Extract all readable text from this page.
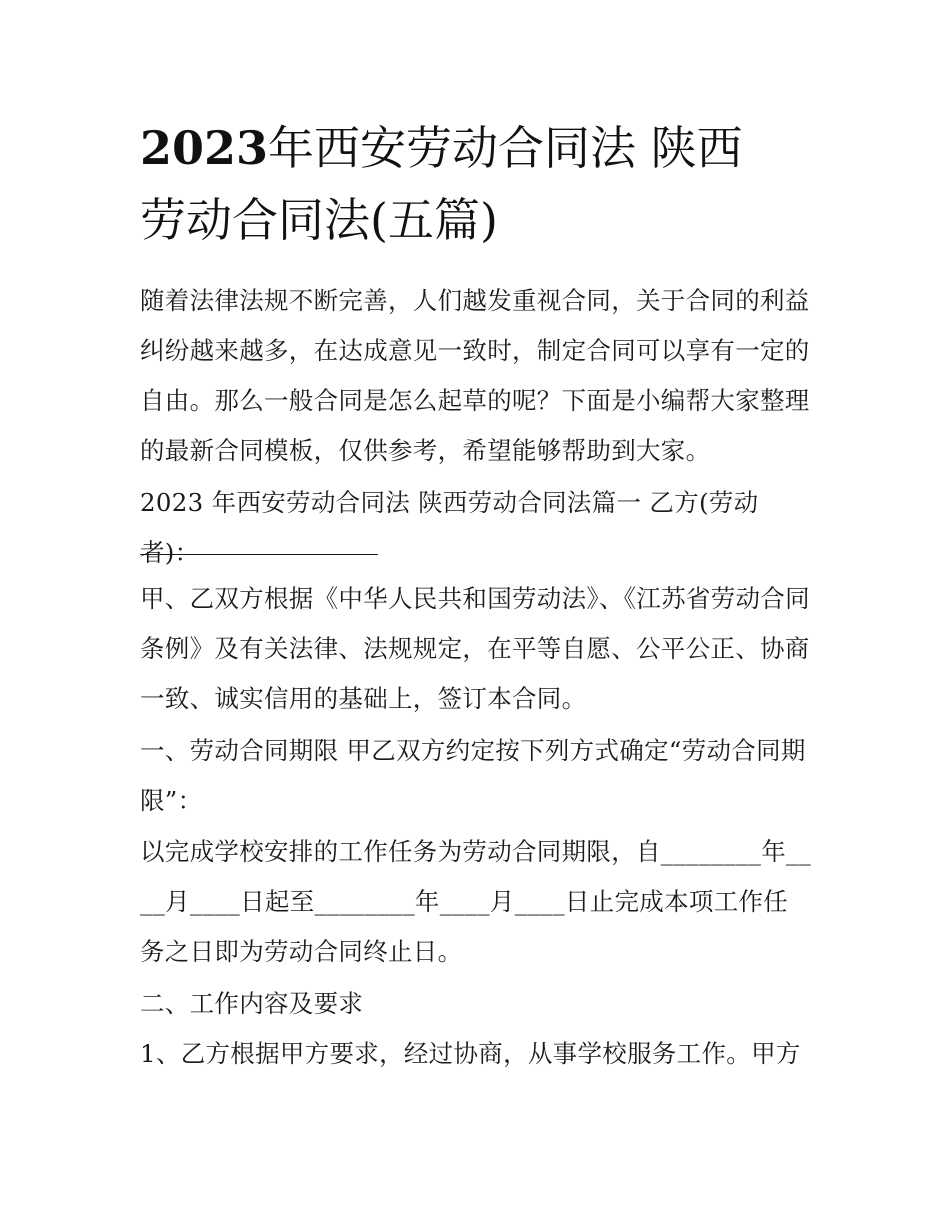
2023年西安劳动合同法 陕西
劳动合同法(五篇)

随着法律法规不断完善，人们越发重视合同，关于合同的利益纠纷越来越多，在达成意见一致时，制定合同可以享有一定的自由。那么一般合同是怎么起草的呢？下面是小编帮大家整理的最新合同模板，仅供参考，希望能够帮助到大家。

2023 年西安劳动合同法 陕西劳动合同法篇一 乙方(劳动者)：

甲、乙双方根据《中华人民共和国劳动法》、《江苏省劳动合同条例》及有关法律、法规规定，在平等自愿、公平公正、协商一致、诚实信用的基础上，签订本合同。

一、劳动合同期限 甲乙双方约定按下列方式确定“劳动合同期限”：

以完成学校安排的工作任务为劳动合同期限，自________年____月____日起至________年____月____日止完成本项工作任务之日即为劳动合同终止日。

二、工作内容及要求

1、乙方根据甲方要求，经过协商，从事学校服务工作。甲方
